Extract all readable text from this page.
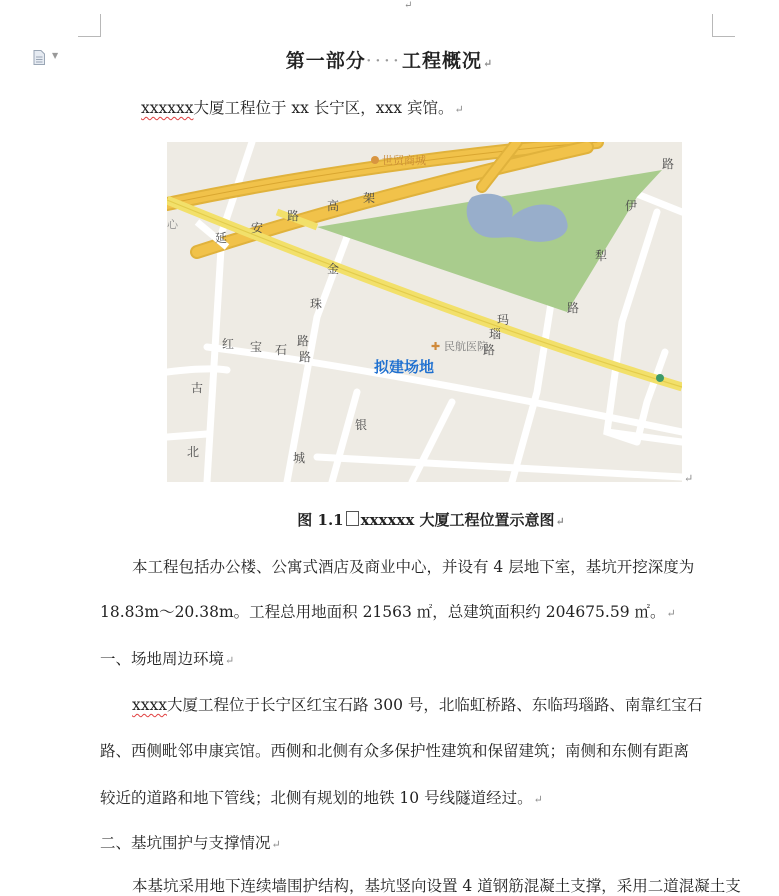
↵
▼	第一部分····工程概况↵
xxxxxx大厦工程位于 xx 长宁区，xxx 宾馆。↵
世贸商城
心
延
安
路
高
架
金
珠
路
红 宝 石 路
玛
瑙
路
路
犁
伊
路
古
北
银
城
民航医院
✚
拟建场地
↵
图 1.1 xxxxxx 大厦工程位置示意图↵
本工程包括办公楼、公寓式酒店及商业中心，并设有 4 层地下室，基坑开挖深度为
18.83m～20.38m。工程总用地面积 21563 ㎡，总建筑面积约 204675.59 ㎡。↵
一、场地周边环境↵
xxxx大厦工程位于长宁区红宝石路 300 号，北临虹桥路、东临玛瑙路、南靠红宝石
路、西侧毗邻申康宾馆。西侧和北侧有众多保护性建筑和保留建筑；南侧和东侧有距离
较近的道路和地下管线；北侧有规划的地铁 10 号线隧道经过。↵
二、基坑围护与支撑情况↵
本基坑采用地下连续墙围护结构，基坑竖向设置 4 道钢筋混凝土支撑，采用二道混凝土支
